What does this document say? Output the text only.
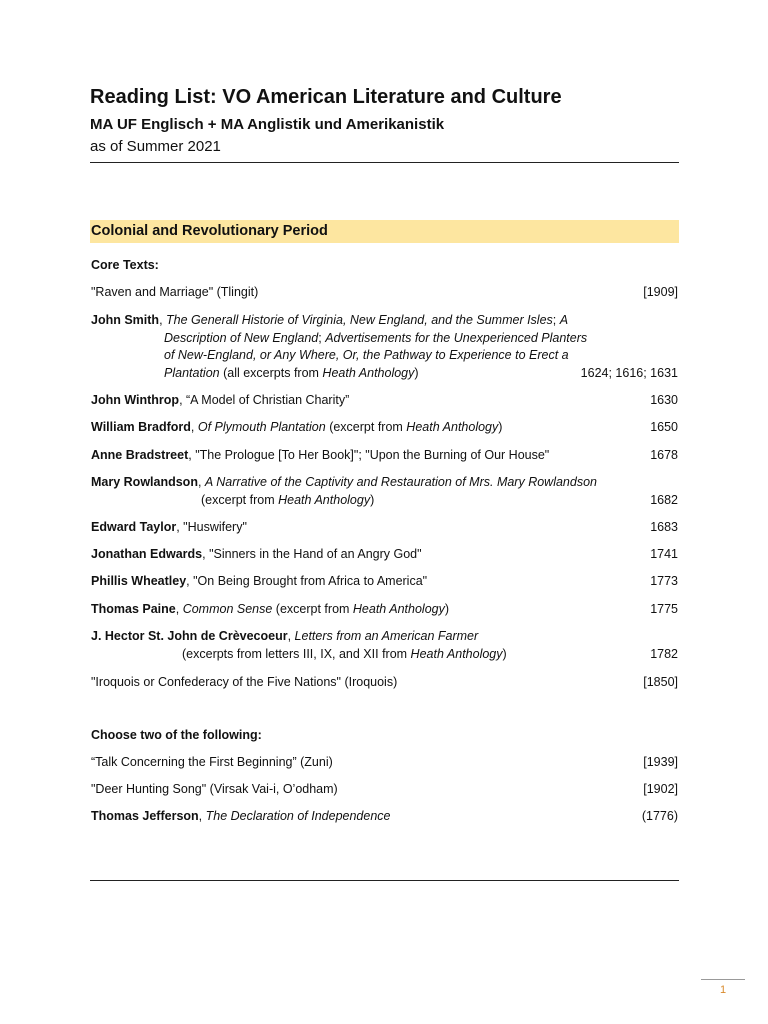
Reading List: VO American Literature and Culture
MA UF Englisch + MA Anglistik und Amerikanistik
as of Summer 2021
Colonial and Revolutionary Period
Core Texts:
"Raven and Marriage" (Tlingit)	[1909]
John Smith, The Generall Historie of Virginia, New England, and the Summer Isles; A
Description of New England; Advertisements for the Unexperienced Planters
of New-England, or Any Where, Or, the Pathway to Experience to Erect a
Plantation (all excerpts from Heath Anthology)	1624; 1616; 1631
John Winthrop, “A Model of Christian Charity”	1630
William Bradford, Of Plymouth Plantation (excerpt from Heath Anthology)	1650
Anne Bradstreet, "The Prologue [To Her Book]"; "Upon the Burning of Our House"	1678
Mary Rowlandson, A Narrative of the Captivity and Restauration of Mrs. Mary Rowlandson
(excerpt from Heath Anthology)	1682
Edward Taylor, "Huswifery"	1683
Jonathan Edwards, "Sinners in the Hand of an Angry God"	1741
Phillis Wheatley, "On Being Brought from Africa to America"	1773
Thomas Paine, Common Sense (excerpt from Heath Anthology)	1775
J. Hector St. John de Crèvecoeur, Letters from an American Farmer
(excerpts from letters III, IX, and XII from Heath Anthology)	1782
"Iroquois or Confederacy of the Five Nations" (Iroquois)	[1850]
Choose two of the following:
“Talk Concerning the First Beginning” (Zuni)	[1939]
"Deer Hunting Song" (Virsak Vai-i, O’odham)	[1902]
Thomas Jefferson, The Declaration of Independence	(1776)
1
